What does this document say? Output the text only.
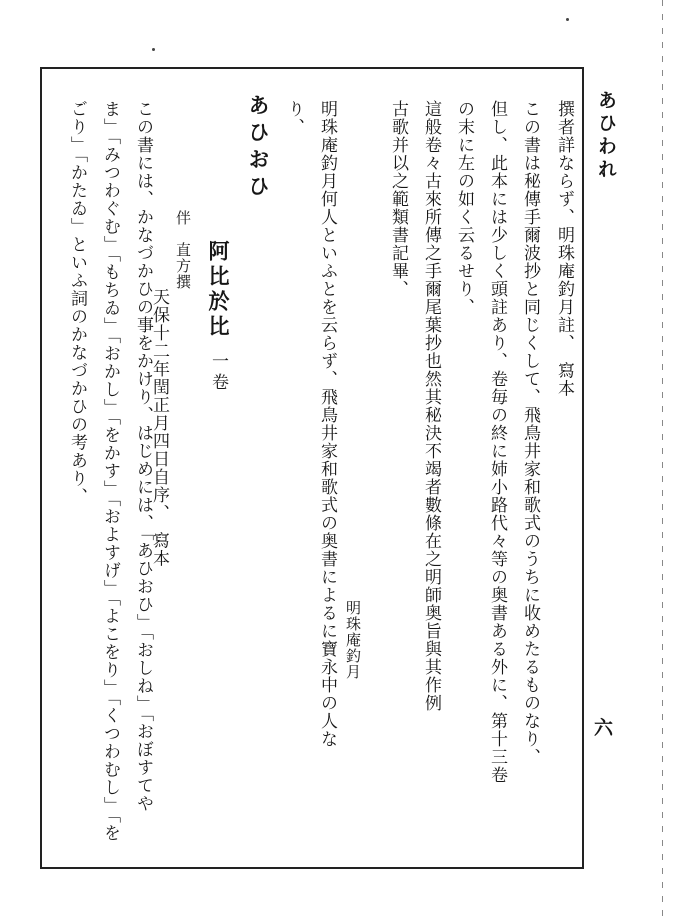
あひわれ
六
撰者詳ならず、明珠庵釣月註、　寫本
この書は秘傳手爾波抄と同じくして、飛鳥井家和歌式のうちに收めたるものなり、
但し、此本には少しく頭註あり、卷毎の終に姉小路代々等の奥書ある外に、第十三卷
の末に左の如く云るせり、
這般卷々古來所傳之手爾尾葉抄也然其秘決不竭者數條在之明師奥旨與其作例
古歌并以之範類書記畢、
明珠庵釣月
明珠庵釣月何人といふとを云らず、飛鳥井家和歌式の奥書によるに寶永中の人な
り、
あひおひ
阿比於比一卷
伴　直方撰
天保十二年閏正月四日自序、　寫本
この書には、かなづかひの事をかけり、はじめには、「あひおひ」「おしね」「おぼすてや
ま」「みつわぐむ」「もちゐ」「おかし」「をかす」「およすげ」「よこをり」「くつわむし」「を
ごり」「かたゐ」といふ詞のかなづかひの考あり、
